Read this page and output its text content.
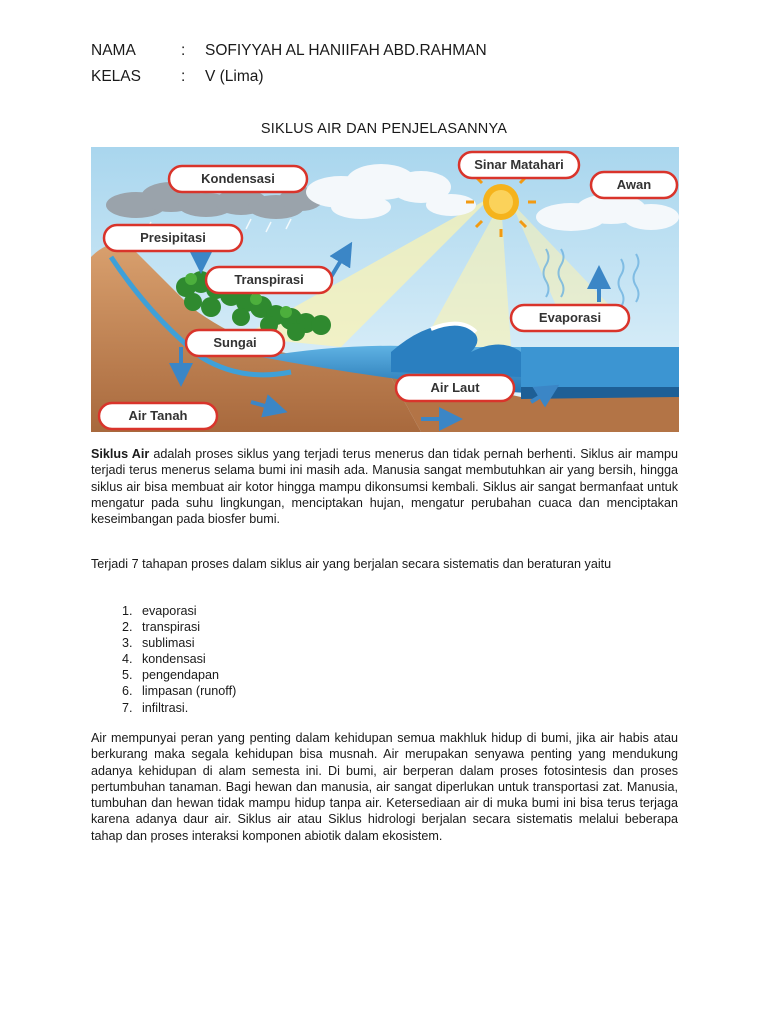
NAMA	:	SOFIYYAH AL HANIIFAH ABD.RAHMAN
KELAS	:	V (Lima)
SIKLUS AIR DAN PENJELASANNYA
Kondensasi
Sinar Matahari
Awan
Presipitasi
Transpirasi
Evaporasi
Sungai
Air Laut
Air Tanah
Siklus Air adalah proses siklus yang terjadi terus menerus dan tidak pernah berhenti. Siklus air mampu terjadi terus menerus selama bumi ini masih ada. Manusia sangat membutuhkan air yang bersih, hingga siklus air bisa membuat air kotor hingga mampu dikonsumsi kembali. Siklus air sangat bermanfaat untuk mengatur pada suhu lingkungan, menciptakan hujan, mengatur perubahan cuaca dan menciptakan keseimbangan pada biosfer bumi.
Terjadi 7 tahapan proses dalam siklus air yang berjalan secara sistematis dan beraturan yaitu
1. evaporasi
2. transpirasi
3. sublimasi
4. kondensasi
5. pengendapan
6. limpasan (runoff)
7. infiltrasi.
Air mempunyai peran yang penting dalam kehidupan semua makhluk hidup di bumi, jika air habis atau berkurang maka segala kehidupan bisa musnah. Air merupakan senyawa penting yang mendukung adanya kehidupan di alam semesta ini. Di bumi, air berperan dalam proses fotosintesis dan proses pertumbuhan tanaman. Bagi hewan dan manusia, air sangat diperlukan untuk transportasi zat. Manusia, tumbuhan dan hewan tidak mampu hidup tanpa air. Ketersediaan air di muka bumi ini bisa terus terjaga karena adanya daur air. Siklus air atau Siklus hidrologi berjalan secara sistematis melalui beberapa tahap dan proses interaksi komponen abiotik dalam ekosistem.
